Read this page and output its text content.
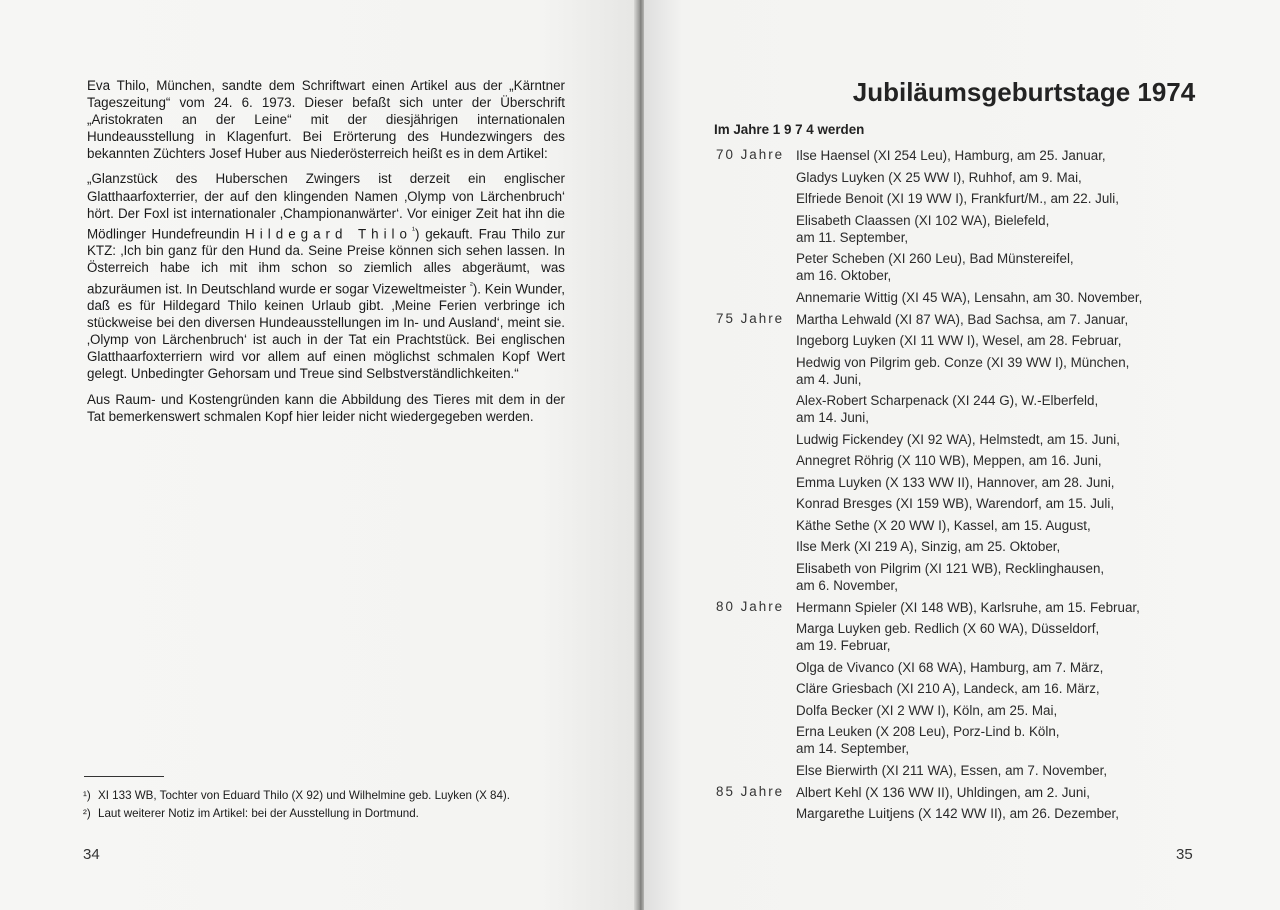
Eva Thilo, München, sandte dem Schriftwart einen Artikel aus der „Kärntner Tageszeitung“ vom 24. 6. 1973. Dieser befaßt sich unter der Überschrift „Aristokraten an der Leine“ mit der diesjährigen internationalen Hundeausstellung in Klagenfurt. Bei Erörterung des Hundezwingers des bekannten Züchters Josef Huber aus Niederösterreich heißt es in dem Artikel:

„Glanzstück des Huberschen Zwingers ist derzeit ein englischer Glatthaarfoxterrier, der auf den klingenden Namen ‚Olymp von Lärchenbruch‘ hört. Der Foxl ist internationaler ‚Championanwärter‘. Vor einiger Zeit hat ihn die Mödlinger Hundefreundin Hildegard Thilo$^{^1}$) gekauft. Frau Thilo zur KTZ: ‚Ich bin ganz für den Hund da. Seine Preise können sich sehen lassen. In Österreich habe ich mit ihm schon so ziemlich alles abgeräumt, was abzuräumen ist. In Deutschland wurde er sogar Vizeweltmeister $^{^2}$). Kein Wunder, daß es für Hildegard Thilo keinen Urlaub gibt. ‚Meine Ferien verbringe ich stückweise bei den diversen Hundeausstellungen im In- und Ausland‘, meint sie. ‚Olymp von Lärchenbruch‘ ist auch in der Tat ein Prachtstück. Bei englischen Glatthaarfoxterriern wird vor allem auf einen möglichst schmalen Kopf Wert gelegt. Unbedingter Gehorsam und Treue sind Selbstverständlichkeiten.“

Aus Raum- und Kostengründen kann die Abbildung des Tieres mit dem in der Tat bemerkenswert schmalen Kopf hier leider nicht wiedergegeben werden.

¹) XI 133 WB, Tochter von Eduard Thilo (X 92) und Wilhelmine geb. Luyken (X 84).
²) Laut weiterer Notiz im Artikel: bei der Ausstellung in Dortmund.
34
Jubiläumsgeburtstage 1974
Im Jahre 1 9 7 4 werden
70 Jahre Ilse Haensel (XI 254 Leu), Hamburg, am 25. Januar,
Gladys Luyken (X 25 WW I), Ruhhof, am 9. Mai,
Elfriede Benoit (XI 19 WW I), Frankfurt/M., am 22. Juli,
Elisabeth Claassen (XI 102 WA), Bielefeld,
am 11. September,
Peter Scheben (XI 260 Leu), Bad Münstereifel,
am 16. Oktober,
Annemarie Wittig (XI 45 WA), Lensahn, am 30. November,
75 Jahre Martha Lehwald (XI 87 WA), Bad Sachsa, am 7. Januar,
Ingeborg Luyken (XI 11 WW I), Wesel, am 28. Februar,
Hedwig von Pilgrim geb. Conze (XI 39 WW I), München,
am 4. Juni,
Alex-Robert Scharpenack (XI 244 G), W.-Elberfeld,
am 14. Juni,
Ludwig Fickendey (XI 92 WA), Helmstedt, am 15. Juni,
Annegret Röhrig (X 110 WB), Meppen, am 16. Juni,
Emma Luyken (X 133 WW II), Hannover, am 28. Juni,
Konrad Bresges (XI 159 WB), Warendorf, am 15. Juli,
Käthe Sethe (X 20 WW I), Kassel, am 15. August,
Ilse Merk (XI 219 A), Sinzig, am 25. Oktober,
Elisabeth von Pilgrim (XI 121 WB), Recklinghausen,
am 6. November,
80 Jahre Hermann Spieler (XI 148 WB), Karlsruhe, am 15. Februar,
Marga Luyken geb. Redlich (X 60 WA), Düsseldorf,
am 19. Februar,
Olga de Vivanco (XI 68 WA), Hamburg, am 7. März,
Cläre Griesbach (XI 210 A), Landeck, am 16. März,
Dolfa Becker (XI 2 WW I), Köln, am 25. Mai,
Erna Leuken (X 208 Leu), Porz-Lind b. Köln,
am 14. September,
Else Bierwirth (XI 211 WA), Essen, am 7. November,
85 Jahre Albert Kehl (X 136 WW II), Uhldingen, am 2. Juni,
Margarethe Luitjens (X 142 WW II), am 26. Dezember,
35
